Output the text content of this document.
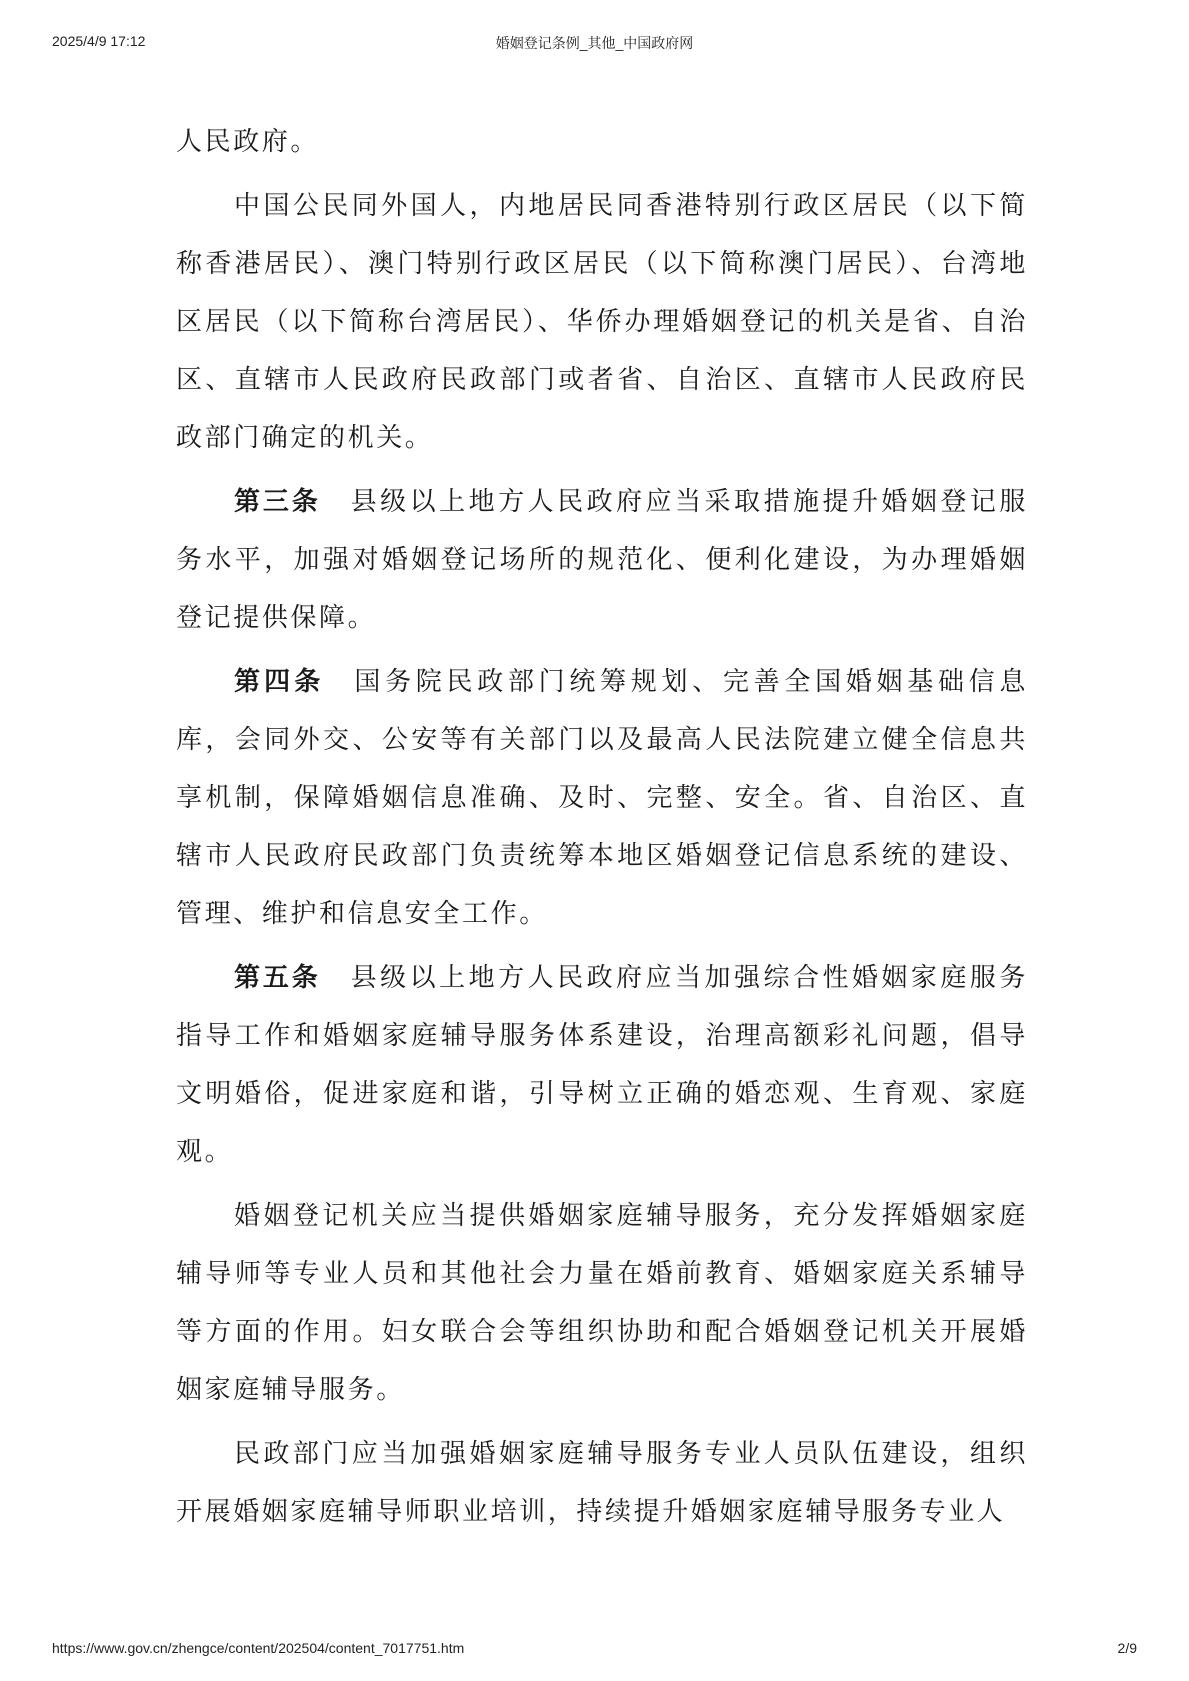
2025/4/9 17:12	婚姻登记条例_其他_中国政府网

人民政府。

中国公民同外国人，内地居民同香港特别行政区居民（以下简称香港居民）、澳门特别行政区居民（以下简称澳门居民）、台湾地区居民（以下简称台湾居民）、华侨办理婚姻登记的机关是省、自治区、直辖市人民政府民政部门或者省、自治区、直辖市人民政府民政部门确定的机关。

第三条 县级以上地方人民政府应当采取措施提升婚姻登记服务水平，加强对婚姻登记场所的规范化、便利化建设，为办理婚姻登记提供保障。

第四条 国务院民政部门统筹规划、完善全国婚姻基础信息库，会同外交、公安等有关部门以及最高人民法院建立健全信息共享机制，保障婚姻信息准确、及时、完整、安全。省、自治区、直辖市人民政府民政部门负责统筹本地区婚姻登记信息系统的建设、管理、维护和信息安全工作。

第五条 县级以上地方人民政府应当加强综合性婚姻家庭服务指导工作和婚姻家庭辅导服务体系建设，治理高额彩礼问题，倡导文明婚俗，促进家庭和谐，引导树立正确的婚恋观、生育观、家庭观。

婚姻登记机关应当提供婚姻家庭辅导服务，充分发挥婚姻家庭辅导师等专业人员和其他社会力量在婚前教育、婚姻家庭关系辅导等方面的作用。妇女联合会等组织协助和配合婚姻登记机关开展婚姻家庭辅导服务。

民政部门应当加强婚姻家庭辅导服务专业人员队伍建设，组织开展婚姻家庭辅导师职业培训，持续提升婚姻家庭辅导服务专业人

https://www.gov.cn/zhengce/content/202504/content_7017751.htm	2/9
